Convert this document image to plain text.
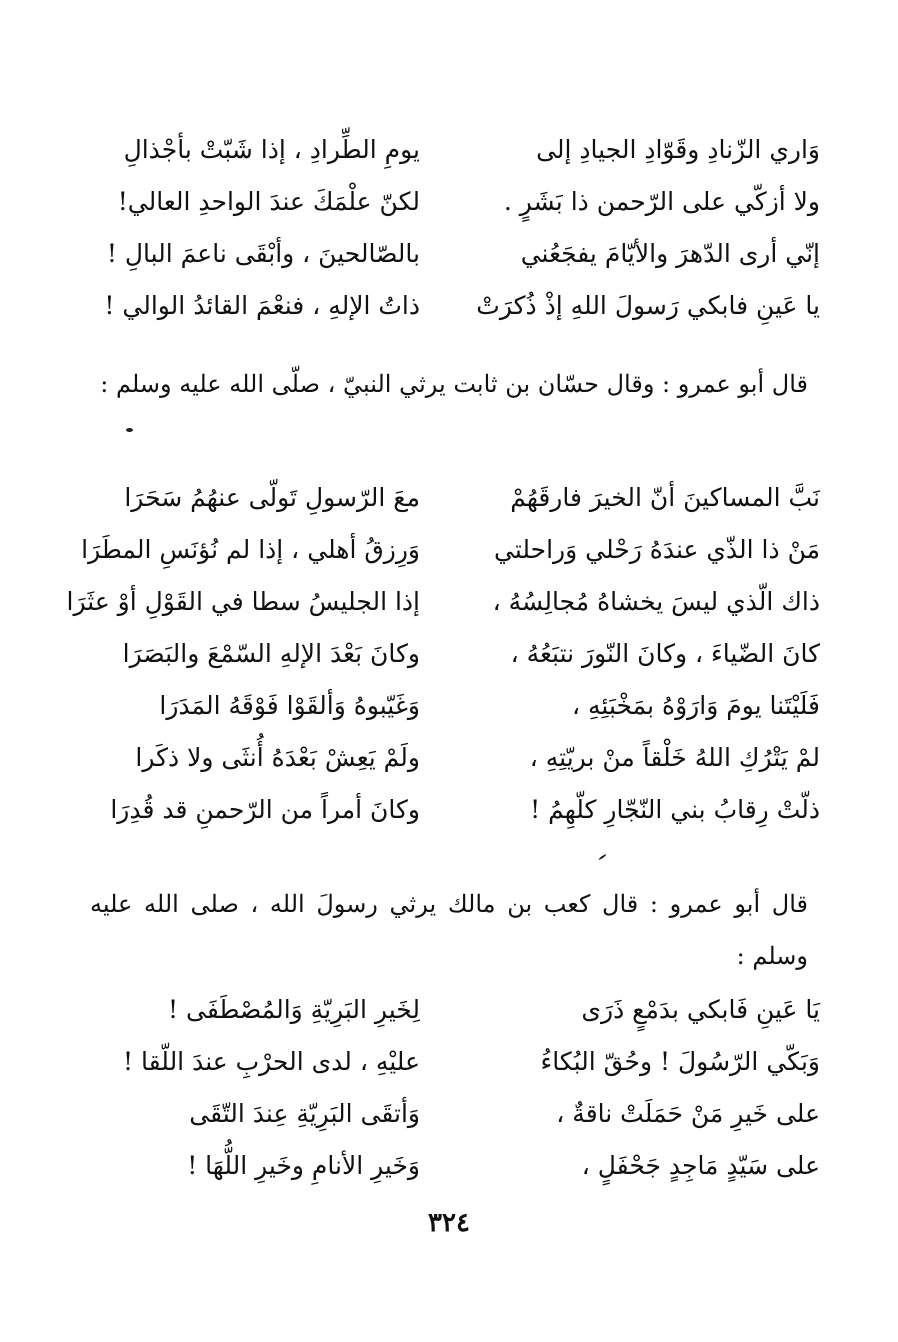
وَاري الزّنادِ وقَوّادِ الجيادِ إلى
يومِ الطِّرادِ ، إذا شَبّتْ بأجْذالِ
ولا أزكّي على الرّحمن ذا بَشَرٍ .
لكنّ علْمَكَ عندَ الواحدِ العالي!
إنّي أرى الدّهرَ والأيّامَ يفجَعُني
بالصّالحينَ ، وأبْقَى ناعمَ البالِ !
يا عَينِ فابكي رَسولَ اللهِ إذْ ذُكرَتْ
ذاتُ الإلهِ ، فنعْمَ القائدُ الوالي !
قال أبو عمرو : وقال حسّان بن ثابت يرثي النبيّ ، صلّى الله عليه وسلم :
نَبَّ المساكينَ أنّ الخيرَ فارقَهُمْ
معَ الرّسولِ تَولّى عنهُمُ سَحَرَا
مَنْ ذا الذّي عندَهُ رَحْلي وَراحلتي
وَرِزقُ أهلي ، إذا لم نُؤنَسِ المطَرَا
ذاك الّذي ليسَ يخشاهُ مُجالِسُهُ ،
إذا الجليسُ سطا في القَوْلِ أوْ عثَرَا
كانَ الضّياءَ ، وكانَ النّورَ نتبَعُهُ ،
وكانَ بَعْدَ الإلهِ السّمْعَ والبَصَرَا
فَلَيْتَنا يومَ وَارَوْهُ بمَخْبَئِهِ ،
وَغَيّبوهُ وَألقَوْا فَوْقَهُ المَدَرَا
لمْ يَتْرُكِ اللهُ خَلْقاً منْ بريّتِهِ ،
ولَمْ يَعِشْ بَعْدَهُ أُنثَى ولا ذكَرا
ذلّتْ رِقابُ بني النّجّارِ كلّهِمُ !
وكانَ أمراً من الرّحمنِ قد قُدِرَا
قال أبو عمرو : قال كعب بن مالك يرثي رسولَ الله ، صلى الله عليه وسلم :
يَا عَينِ فَابكي بدَمْعٍ ذَرَى
لِخَيرِ البَرِيّةِ وَالمُصْطَفَى !
وَبَكّي الرّسُولَ ! وحُقّ البُكاءُ
عليْهِ ، لدى الحرْبِ عندَ اللّقا !
على خَيرِ مَنْ حَمَلَتْ ناقةٌ ،
وَأتقَى البَرِيّةِ عِندَ التّقَى
على سَيّدٍ مَاجِدٍ جَحْفَلٍ ،
وَخَيرِ الأنامِ وخَيرِ اللُّهَا !
٣٢٤
